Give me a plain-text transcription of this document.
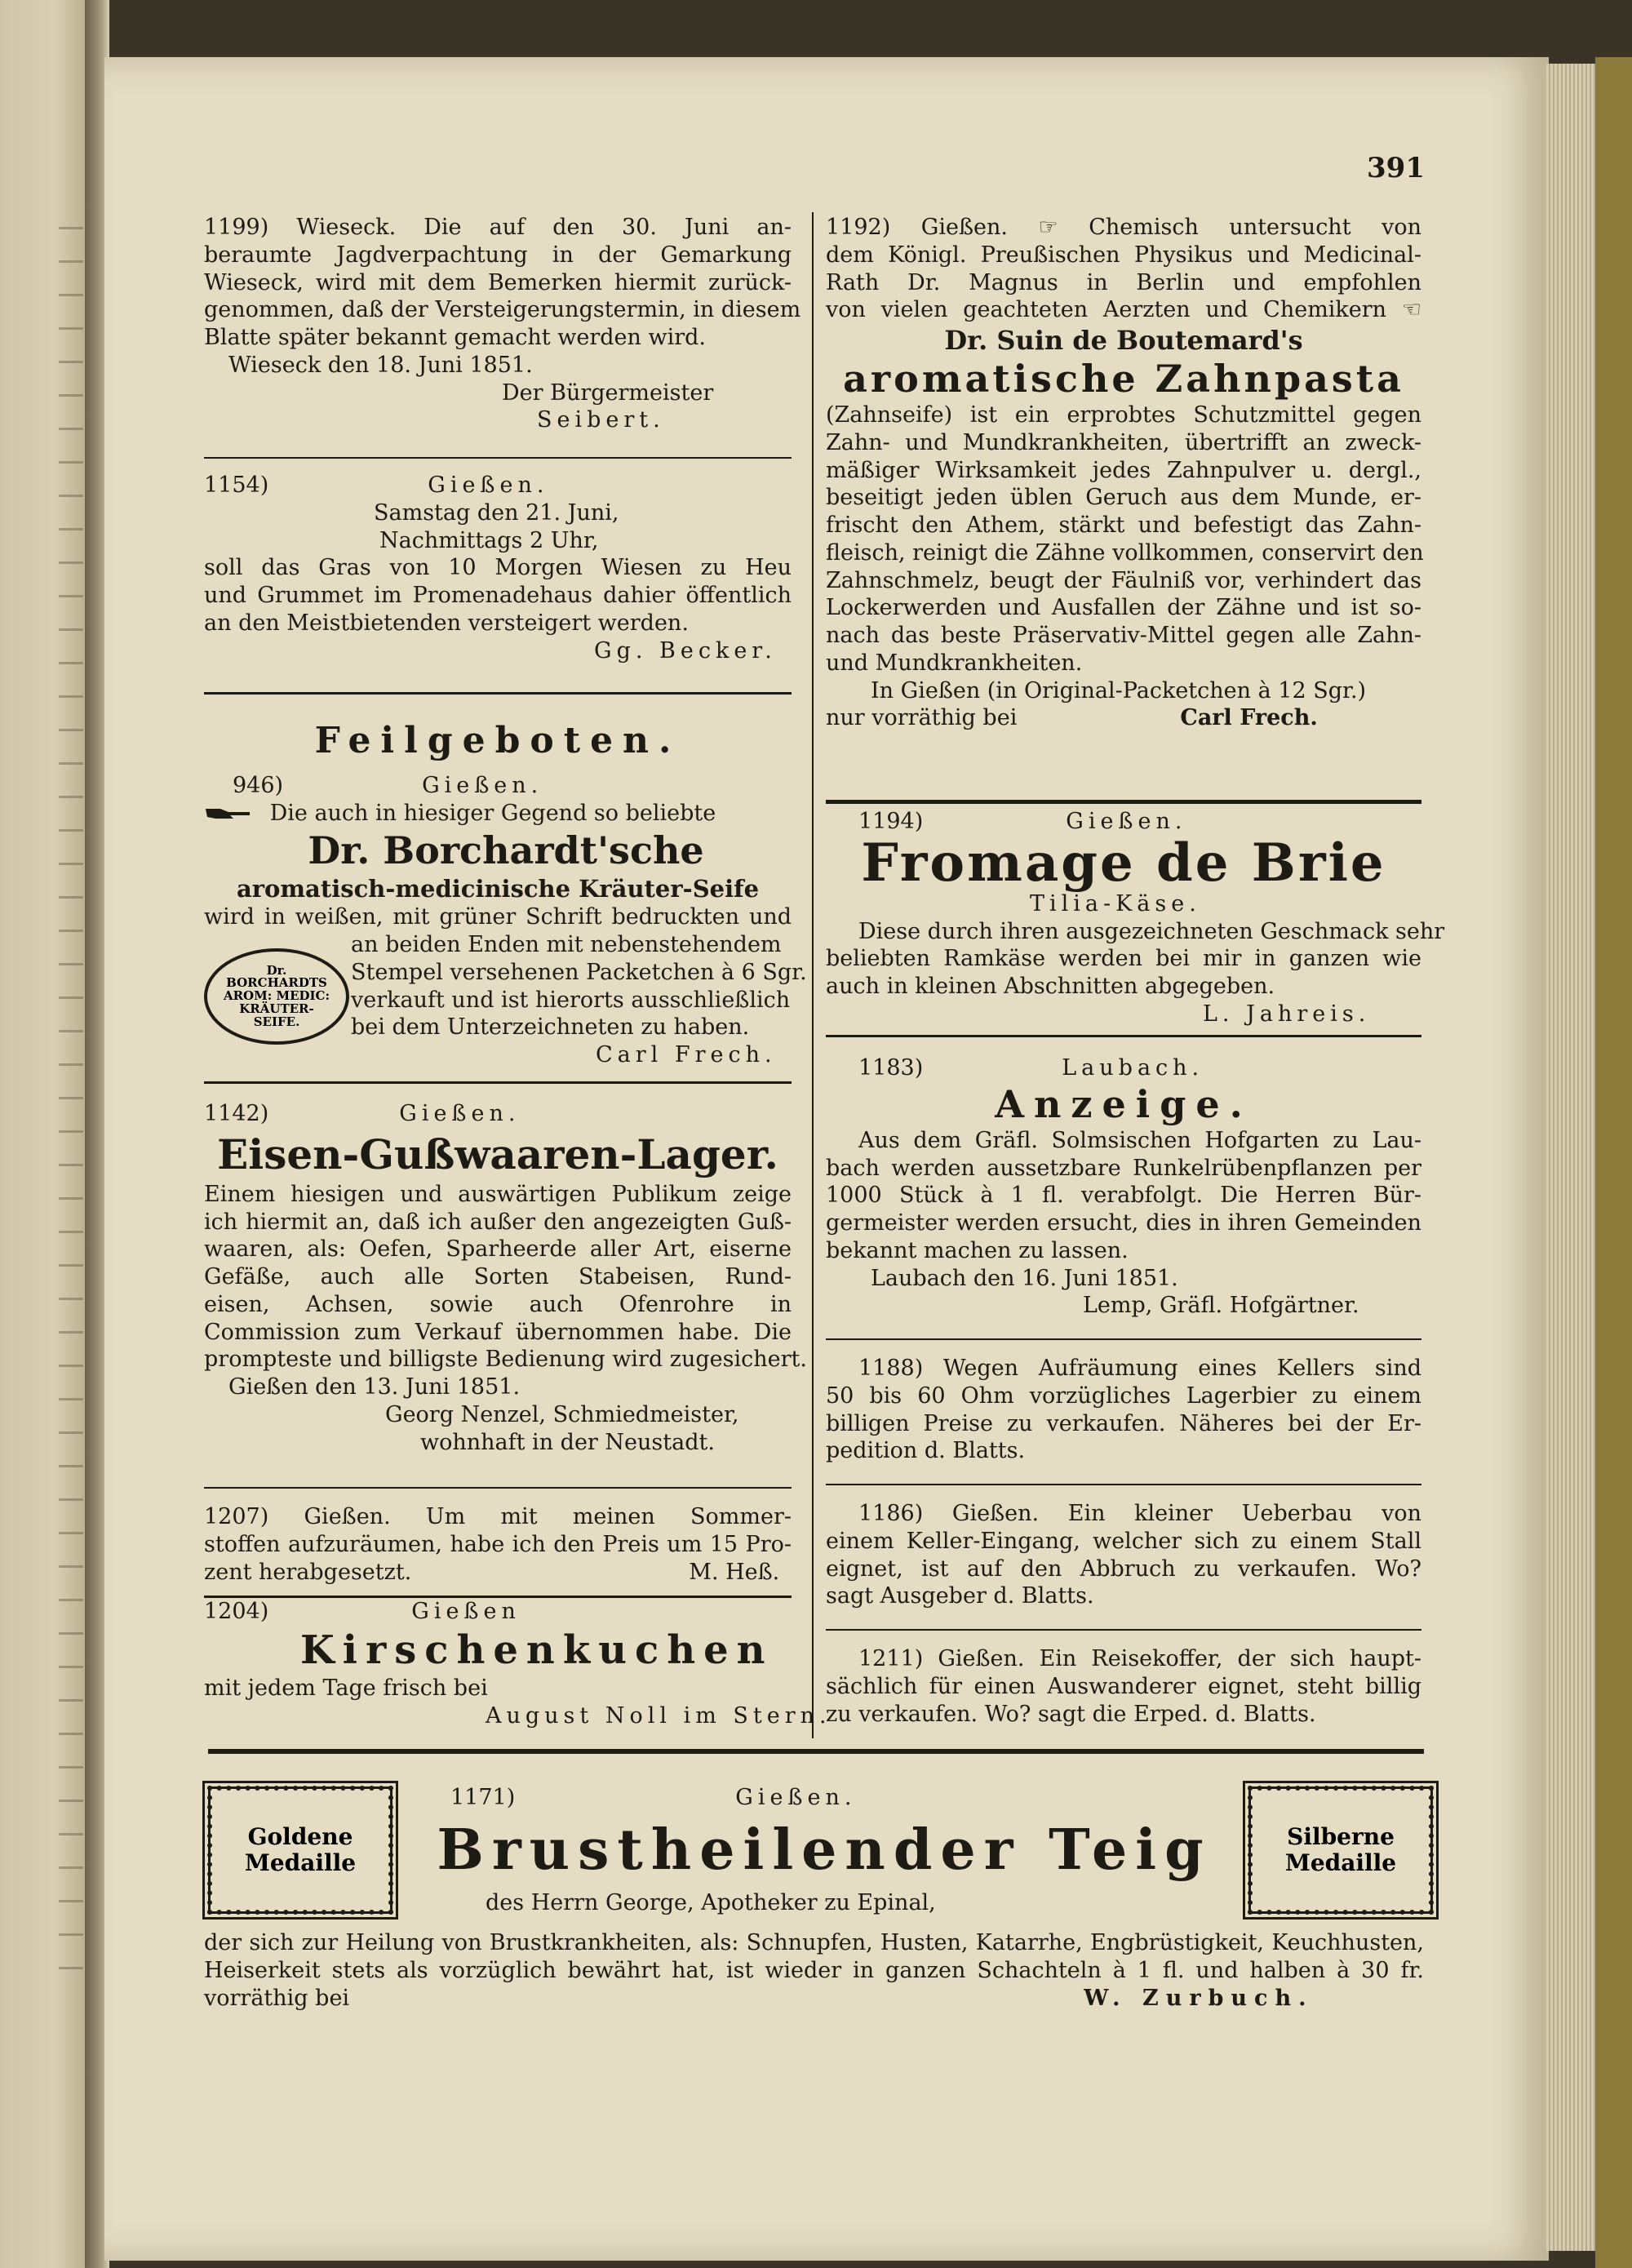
391

1199) Wieseck. Die auf den 30. Juni an-

beraumte Jagdverpachtung in der Gemarkung

Wieseck, wird mit dem Bemerken hiermit zurück-

genommen, daß der Versteigerungstermin, in diesem

Blatte später bekannt gemacht werden wird.

Wieseck den 18. Juni 1851.

Der Bürgermeister

Seibert.

1154)	Gießen.

Samstag den 21. Juni,

Nachmittags 2 Uhr,

soll das Gras von 10 Morgen Wiesen zu Heu

und Grummet im Promenadehaus dahier öffentlich

an den Meistbietenden versteigert werden.

Gg. Becker.

Feilgeboten.

946)	Gießen.

Die auch in hiesiger Gegend so beliebte

Dr. Borchardt'sche

aromatisch-medicinische Kräuter-Seife

wird in weißen, mit grüner Schrift bedruckten und

an beiden Enden mit nebenstehendem

Stempel versehenen Packetchen à 6 Sgr.

verkauft und ist hierorts ausschließlich

bei dem Unterzeichneten zu haben.

Carl Frech.

Dr.
BORCHARDTS
AROM: MEDIC:
KRÄUTER-
SEIFE.

1142)	Gießen.

Eisen-Gußwaaren-Lager.

Einem hiesigen und auswärtigen Publikum zeige

ich hiermit an, daß ich außer den angezeigten Guß-

waaren, als: Oefen, Sparheerde aller Art, eiserne

Gefäße, auch alle Sorten Stabeisen, Rund-

eisen, Achsen, sowie auch Ofenrohre in

Commission zum Verkauf übernommen habe. Die

prompteste und billigste Bedienung wird zugesichert.

Gießen den 13. Juni 1851.

Georg Nenzel, Schmiedmeister,

wohnhaft in der Neustadt.

1207) Gießen. Um mit meinen Sommer-

stoffen aufzuräumen, habe ich den Preis um 15 Pro-

zent herabgesetzt.	M. Heß.

1204)	Gießen

Kirschenkuchen

mit jedem Tage frisch bei

August Noll im Stern.

1192) Gießen. ☞ Chemisch untersucht von

dem Königl. Preußischen Physikus und Medicinal-

Rath Dr. Magnus in Berlin und empfohlen

von vielen geachteten Aerzten und Chemikern ☜

Dr. Suin de Boutemard's

aromatische Zahnpasta

(Zahnseife) ist ein erprobtes Schutzmittel gegen

Zahn- und Mundkrankheiten, übertrifft an zweck-

mäßiger Wirksamkeit jedes Zahnpulver u. dergl.,

beseitigt jeden üblen Geruch aus dem Munde, er-

frischt den Athem, stärkt und befestigt das Zahn-

fleisch, reinigt die Zähne vollkommen, conservirt den

Zahnschmelz, beugt der Fäulniß vor, verhindert das

Lockerwerden und Ausfallen der Zähne und ist so-

nach das beste Präservativ-Mittel gegen alle Zahn-

und Mundkrankheiten.

In Gießen (in Original-Packetchen à 12 Sgr.)

nur vorräthig bei	Carl Frech.

1194)	Gießen.

Fromage de Brie

Tilia-Käse.

Diese durch ihren ausgezeichneten Geschmack sehr

beliebten Ramkäse werden bei mir in ganzen wie

auch in kleinen Abschnitten abgegeben.

L. Jahreis.

1183)	Laubach.

Anzeige.

Aus dem Gräfl. Solmsischen Hofgarten zu Lau-

bach werden aussetzbare Runkelrübenpflanzen per

1000 Stück à 1 fl. verabfolgt. Die Herren Bür-

germeister werden ersucht, dies in ihren Gemeinden

bekannt machen zu lassen.

Laubach den 16. Juni 1851.

Lemp, Gräfl. Hofgärtner.

1188) Wegen Aufräumung eines Kellers sind

50 bis 60 Ohm vorzügliches Lagerbier zu einem

billigen Preise zu verkaufen. Näheres bei der Er-

pedition d. Blatts.

1186) Gießen. Ein kleiner Ueberbau von

einem Keller-Eingang, welcher sich zu einem Stall

eignet, ist auf den Abbruch zu verkaufen. Wo?

sagt Ausgeber d. Blatts.

1211) Gießen. Ein Reisekoffer, der sich haupt-

sächlich für einen Auswanderer eignet, steht billig

zu verkaufen. Wo? sagt die Erped. d. Blatts.

Goldene
Medaille
Silberne
Medaille

1171)	Gießen.

Brustheilender Teig

des Herrn George, Apotheker zu Epinal,

der sich zur Heilung von Brustkrankheiten, als: Schnupfen, Husten, Katarrhe, Engbrüstigkeit, Keuchhusten,

Heiserkeit stets als vorzüglich bewährt hat, ist wieder in ganzen Schachteln à 1 fl. und halben à 30 fr.

vorräthig bei	W. Zurbuch.
